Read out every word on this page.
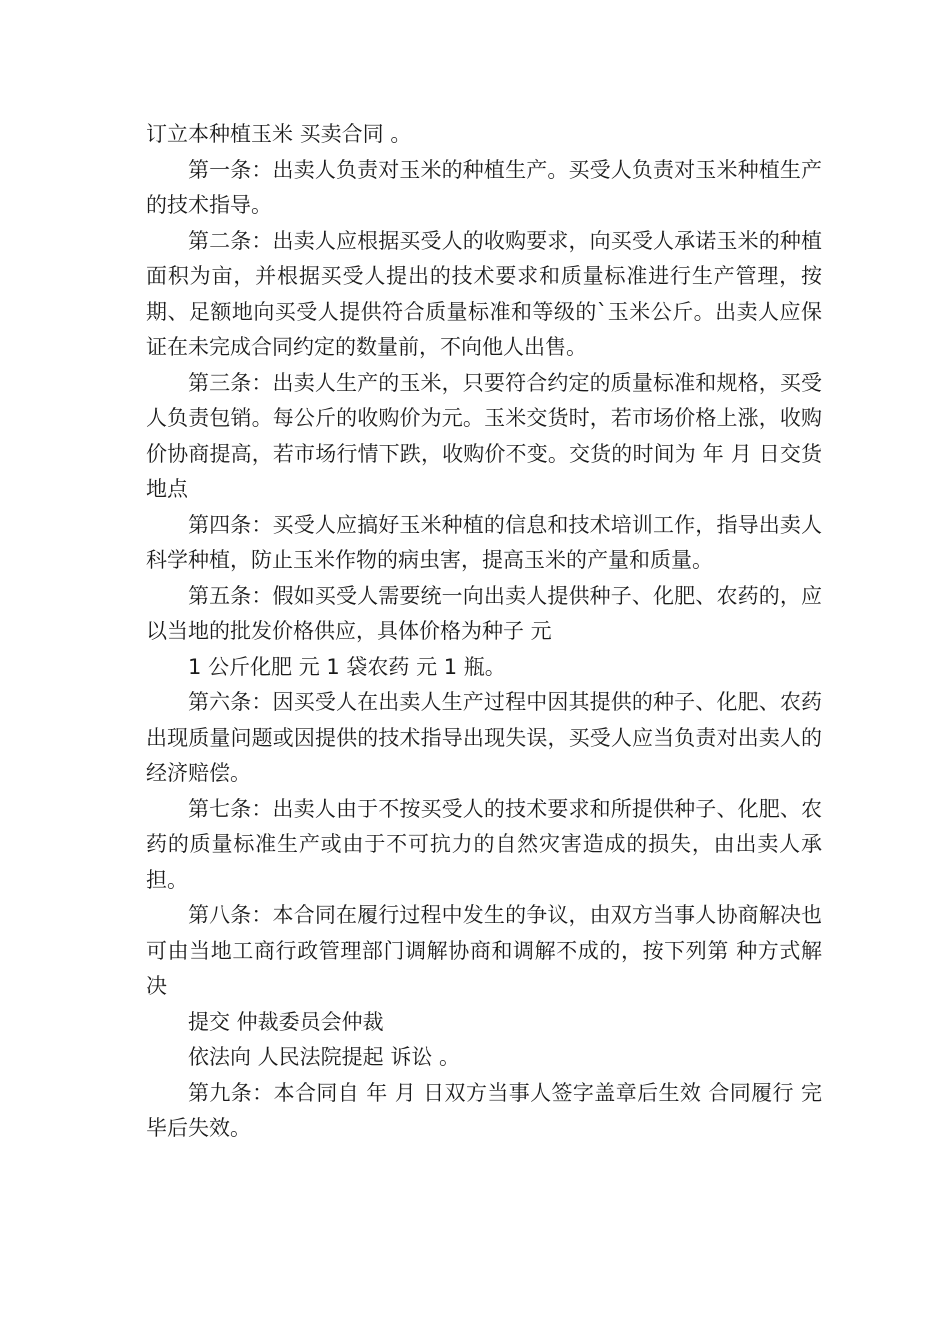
订立本种植玉米 买卖合同 。

第一条：出卖人负责对玉米的种植生产。买受人负责对玉米种植生产的技术指导。

第二条：出卖人应根据买受人的收购要求，向买受人承诺玉米的种植面积为亩，并根据买受人提出的技术要求和质量标准进行生产管理，按期、足额地向买受人提供符合质量标准和等级的`玉米公斤。出卖人应保证在未完成合同约定的数量前，不向他人出售。

第三条：出卖人生产的玉米，只要符合约定的质量标准和规格，买受人负责包销。每公斤的收购价为元。玉米交货时，若市场价格上涨，收购价协商提高，若市场行情下跌，收购价不变。交货的时间为 年 月 日交货地点

第四条：买受人应搞好玉米种植的信息和技术培训工作，指导出卖人科学种植，防止玉米作物的病虫害，提高玉米的产量和质量。

第五条：假如买受人需要统一向出卖人提供种子、化肥、农药的，应以当地的批发价格供应，具体价格为种子 元

1 公斤化肥 元 1 袋农药 元 1 瓶。

第六条：因买受人在出卖人生产过程中因其提供的种子、化肥、农药出现质量问题或因提供的技术指导出现失误，买受人应当负责对出卖人的经济赔偿。

第七条：出卖人由于不按买受人的技术要求和所提供种子、化肥、农药的质量标准生产或由于不可抗力的自然灾害造成的损失，由出卖人承担。

第八条：本合同在履行过程中发生的争议，由双方当事人协商解决也可由当地工商行政管理部门调解协商和调解不成的，按下列第 种方式解决

提交 仲裁委员会仲裁

依法向 人民法院提起 诉讼 。

第九条：本合同自 年 月 日双方当事人签字盖章后生效 合同履行 完毕后失效。
